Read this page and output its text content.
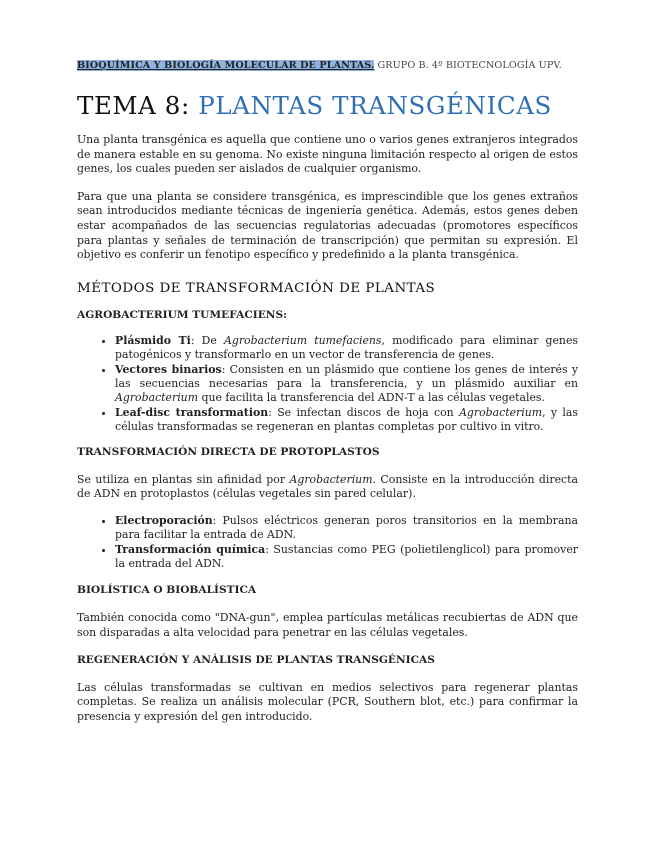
BIOQUÍMICA Y BIOLOGÍA MOLECULAR DE PLANTAS. GRUPO B. 4º BIOTECNOLOGÍA UPV.
TEMA 8: PLANTAS TRANSGÉNICAS

Una planta transgénica es aquella que contiene uno o varios genes extranjeros integrados de manera estable en su genoma. No existe ninguna limitación respecto al origen de estos genes, los cuales pueden ser aislados de cualquier organismo.

Para que una planta se considere transgénica, es imprescindible que los genes extraños sean introducidos mediante técnicas de ingeniería genética. Además, estos genes deben estar acompañados de las secuencias regulatorias adecuadas (promotores específicos para plantas y señales de terminación de transcripción) que permitan su expresión. El objetivo es conferir un fenotipo específico y predefinido a la planta transgénica.

MÉTODOS DE TRANSFORMACIÓN DE PLANTAS
AGROBACTERIUM TUMEFACIENS:
• Plásmido Ti: De Agrobacterium tumefaciens, modificado para eliminar genes patogénicos y transformarlo en un vector de transferencia de genes.
• Vectores binarios: Consisten en un plásmido que contiene los genes de interés y las secuencias necesarias para la transferencia, y un plásmido auxiliar en Agrobacterium que facilita la transferencia del ADN-T a las células vegetales.
• Leaf-disc transformation: Se infectan discos de hoja con Agrobacterium, y las células transformadas se regeneran en plantas completas por cultivo in vitro.
TRANSFORMACIÓN DIRECTA DE PROTOPLASTOS

Se utiliza en plantas sin afinidad por Agrobacterium. Consiste en la introducción directa de ADN en protoplastos (células vegetales sin pared celular).

• Electroporación: Pulsos eléctricos generan poros transitorios en la membrana para facilitar la entrada de ADN.
• Transformación química: Sustancias como PEG (polietilenglicol) para promover la entrada del ADN.
BIOLÍSTICA O BIOBALÍSTICA

También conocida como "DNA-gun", emplea partículas metálicas recubiertas de ADN que son disparadas a alta velocidad para penetrar en las células vegetales.

REGENERACIÓN Y ANÁLISIS DE PLANTAS TRANSGÉNICAS

Las células transformadas se cultivan en medios selectivos para regenerar plantas completas. Se realiza un análisis molecular (PCR, Southern blot, etc.) para confirmar la presencia y expresión del gen introducido.
